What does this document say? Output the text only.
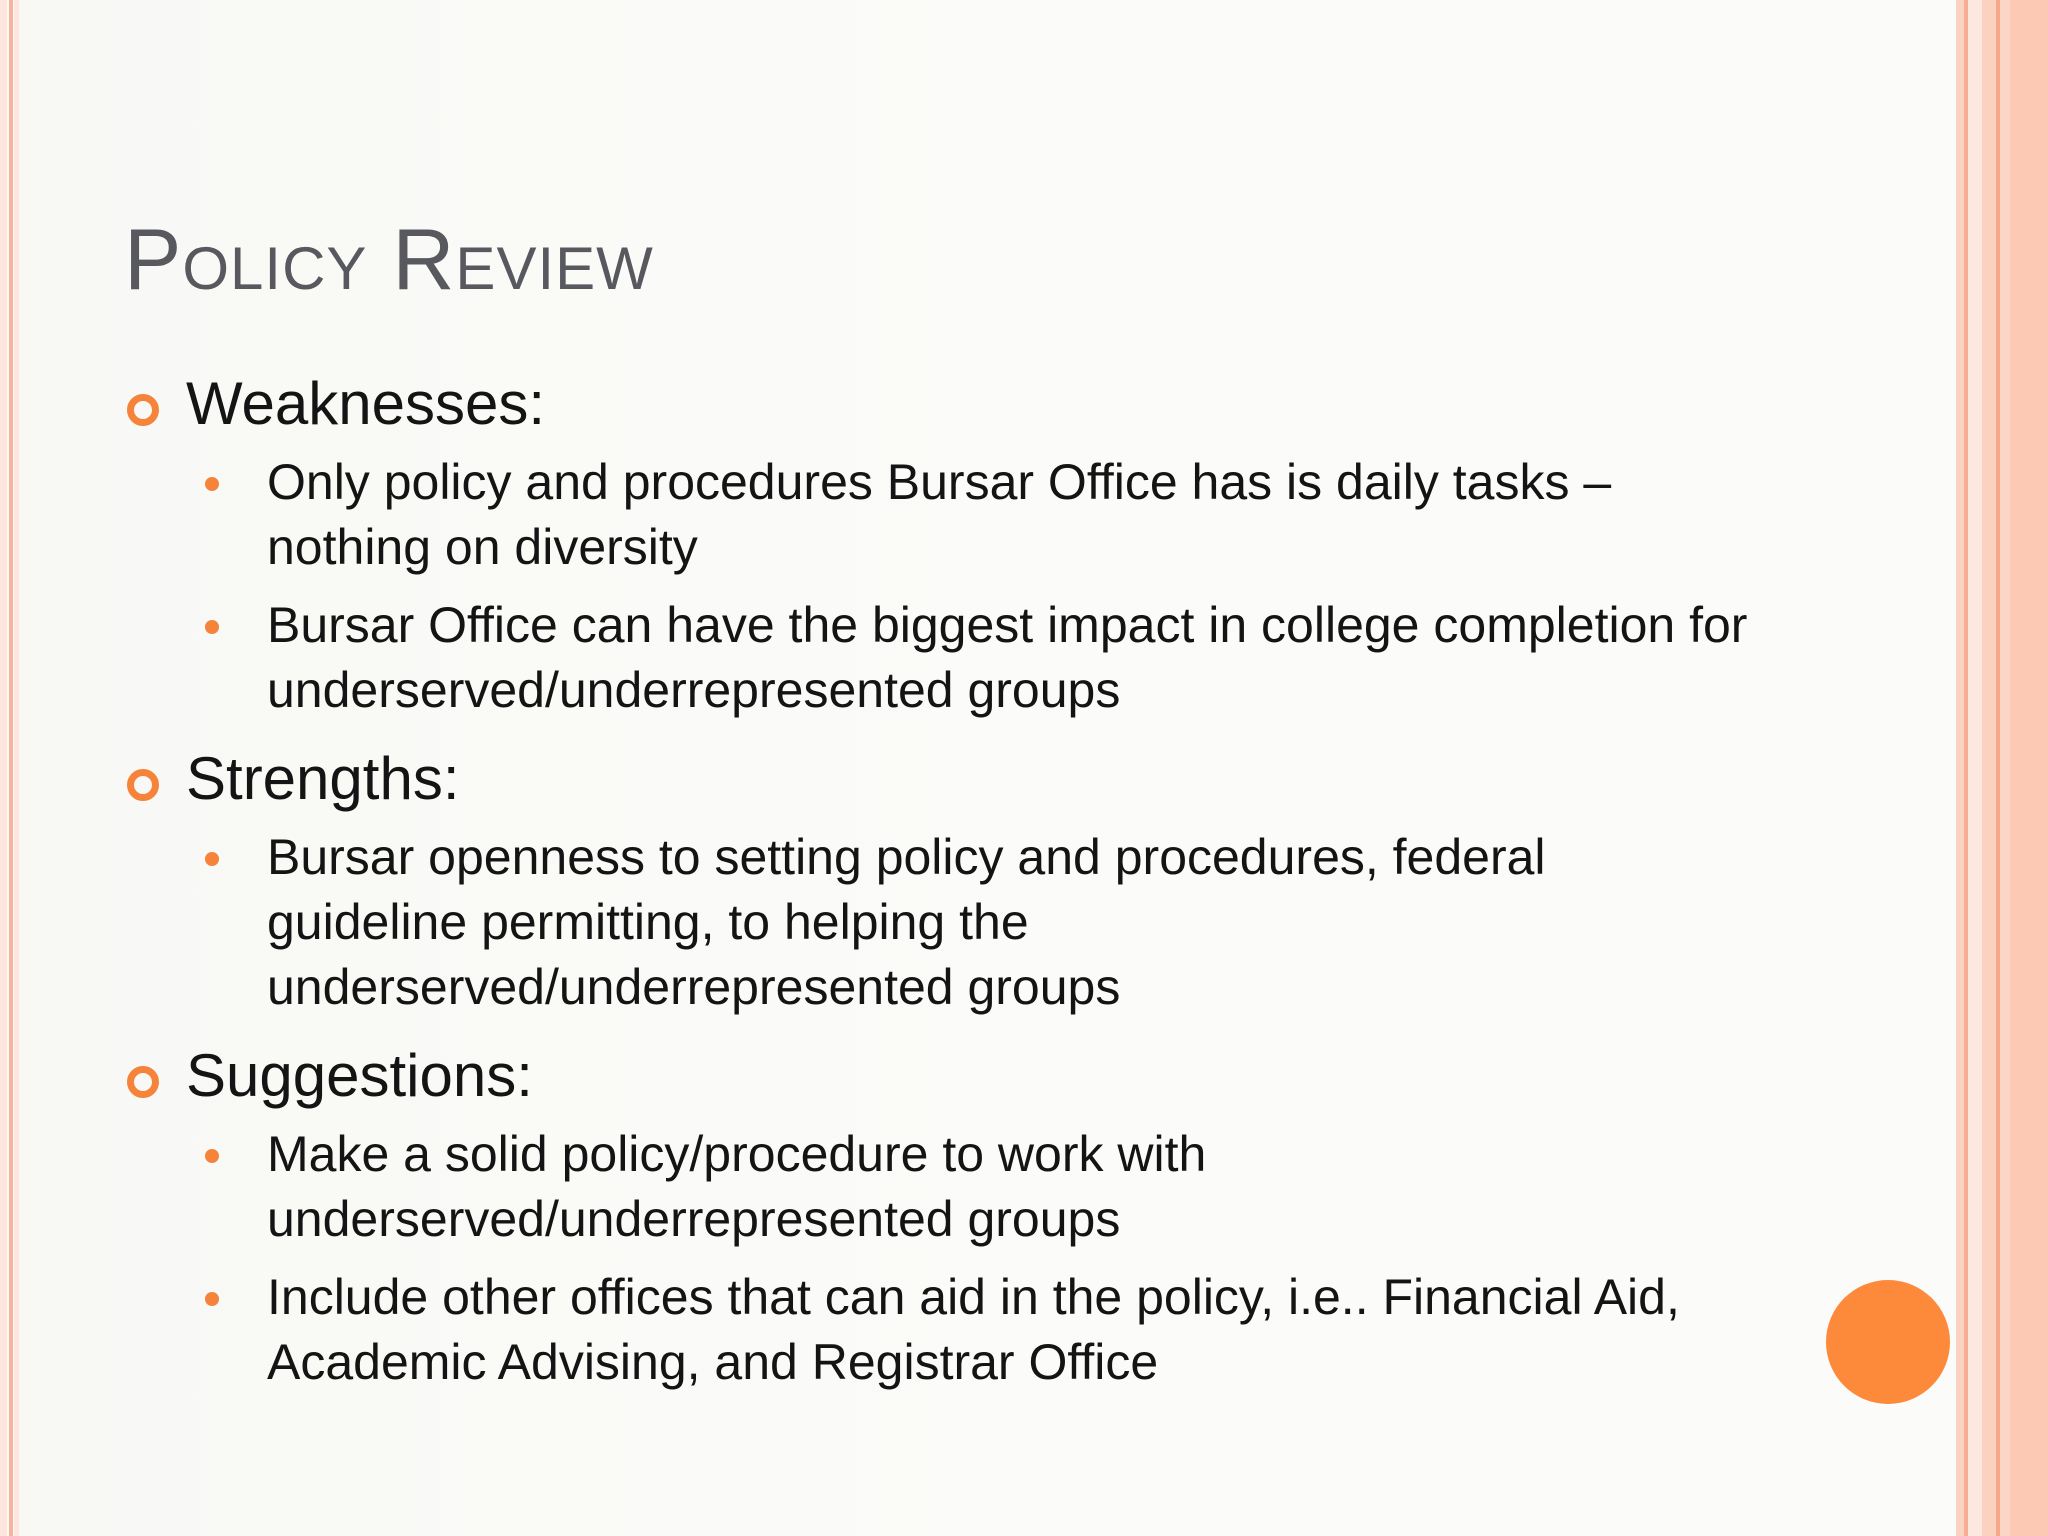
Policy Review
Weaknesses:
Only policy and procedures Bursar Office has is daily tasks – nothing on diversity
Bursar Office can have the biggest impact in college completion for underserved/underrepresented groups
Strengths:
Bursar openness to setting policy and procedures, federal guideline permitting, to helping the underserved/underrepresented groups
Suggestions:
Make a solid policy/procedure to work with underserved/underrepresented groups
Include other offices that can aid in the policy, i.e.. Financial Aid, Academic Advising, and Registrar Office
